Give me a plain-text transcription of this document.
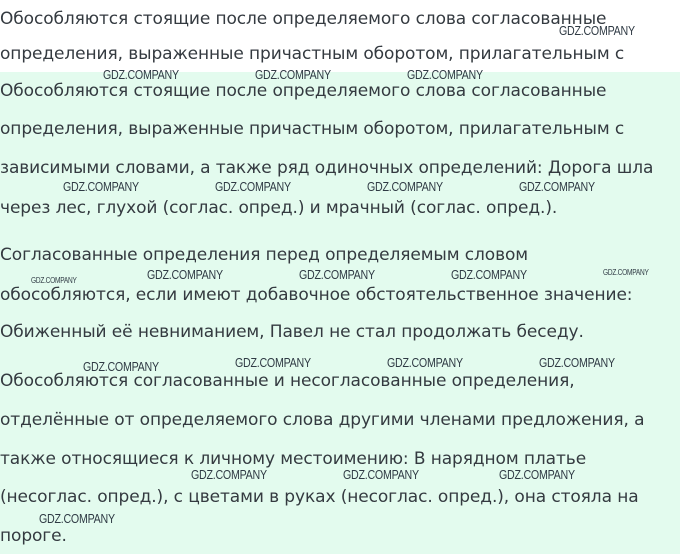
Обособляются стоящие после определяемого слова согласованные
определения, выраженные причастным оборотом, прилагательным с
Обособляются стоящие после определяемого слова согласованные
определения, выраженные причастным оборотом, прилагательным с
зависимыми словами, а также ряд одиночных определений: Дорога шла
через лес, глухой (соглас. опред.) и мрачный (соглас. опред.).
Согласованные определения перед определяемым словом
обособляются, если имеют добавочное обстоятельственное значение:
Обиженный её невниманием, Павел не стал продолжать беседу.
Обособляются согласованные и несогласованные определения,
отделённые от определяемого слова другими членами предложения, а
также относящиеся к личному местоимению: В нарядном платье
(несоглас. опред.), с цветами в руках (несоглас. опред.), она стояла на
пороге.
GDZ.COMPANY
GDZ.COMPANY	GDZ.COMPANY	GDZ.COMPANY
GDZ.COMPANY	GDZ.COMPANY	GDZ.COMPANY	GDZ.COMPANY
GDZ.COMPANY	GDZ.COMPANY	GDZ.COMPANY	GDZ.COMPANY	GDZ.COMPANY
GDZ.COMPANY	GDZ.COMPANY	GDZ.COMPANY	GDZ.COMPANY
GDZ.COMPANY	GDZ.COMPANY	GDZ.COMPANY
GDZ.COMPANY
